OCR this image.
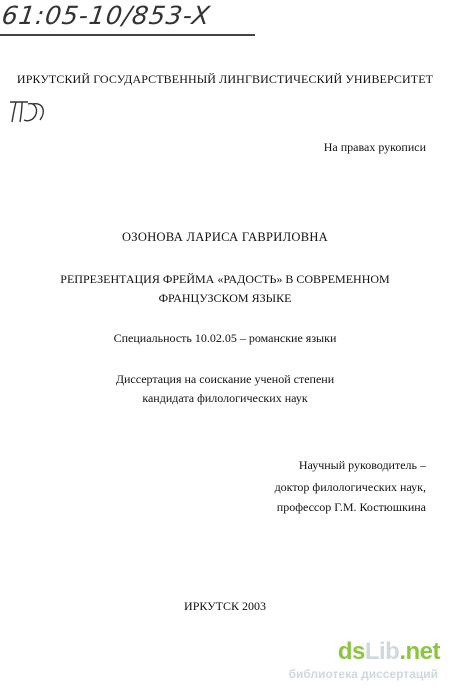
61:05-10/853-X
ИРКУТСКИЙ ГОСУДАРСТВЕННЫЙ ЛИНГВИСТИЧЕСКИЙ УНИВЕРСИТЕТ
На правах рукописи
ОЗОНОВА ЛАРИСА ГАВРИЛОВНА
РЕПРЕЗЕНТАЦИЯ ФРЕЙМА «РАДОСТЬ» В СОВРЕМЕННОМ
ФРАНЦУЗСКОМ ЯЗЫКЕ
Специальность 10.02.05 – романские языки
Диссертация на соискание ученой степени
кандидата филологических наук
Научный руководитель –
доктор филологических наук,
профессор Г.М. Костюшкина
ИРКУТСК 2003
dsLib.net
библиотека диссертаций
